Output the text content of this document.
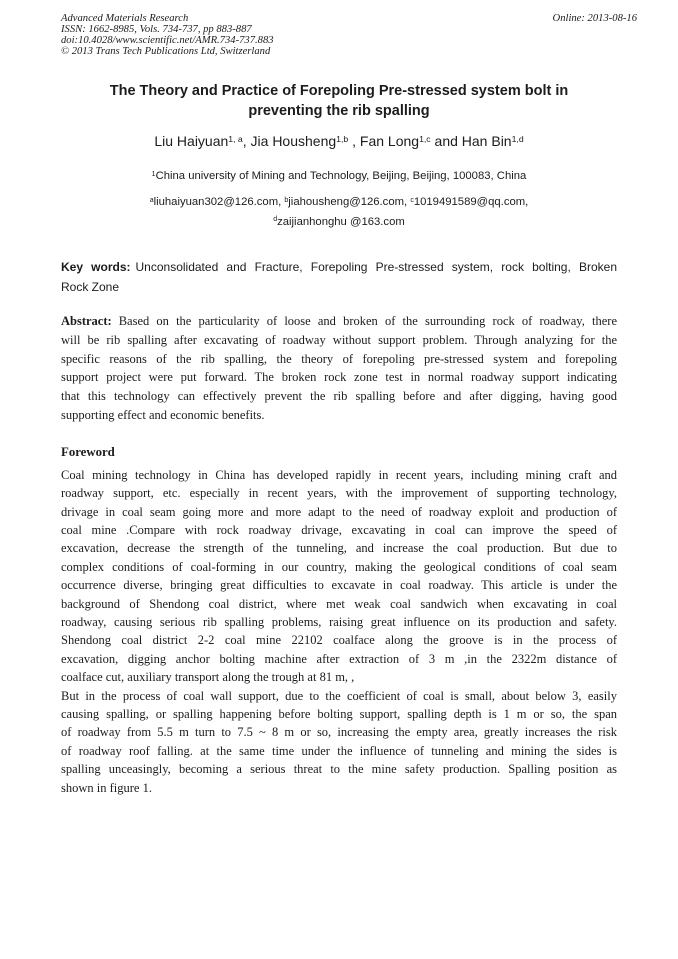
Advanced Materials Research
ISSN: 1662-8985, Vols. 734-737, pp 883-887
doi:10.4028/www.scientific.net/AMR.734-737.883
© 2013 Trans Tech Publications Ltd, Switzerland
Online: 2013-08-16
The Theory and Practice of Forepoling Pre-stressed system bolt in
preventing the rib spalling
Liu Haiyuan$^{1, a}$, Jia Housheng$^{1,b}$ , Fan Long$^{1,c}$ and Han Bin$^{1,d}$
$^1$China university of Mining and Technology, Beijing, Beijing, 100083, China
$^a$liuhaiyuan302@126.com, $^b$jiahousheng@126.com, $^c$1019491589@qq.com,
$^d$zaijianhonghu @163.com
Key words: Unconsolidated and Fracture, Forepoling Pre-stressed system, rock bolting, Broken
Rock Zone
Abstract: Based on the particularity of loose and broken of the surrounding rock of roadway, there
will be rib spalling after excavating of roadway without support problem. Through analyzing for the
specific reasons of the rib spalling, the theory of forepoling pre-stressed system and forepoling
support project were put forward. The broken rock zone test in normal roadway support indicating
that this technology can effectively prevent the rib spalling before and after digging, having good
supporting effect and economic benefits.
Foreword
Coal mining technology in China has developed rapidly in recent years, including mining craft and
roadway support, etc. especially in recent years, with the improvement of supporting technology,
drivage in coal seam going more and more adapt to the need of roadway exploit and production of
coal mine .Compare with rock roadway drivage, excavating in coal can improve the speed of
excavation, decrease the strength of the tunneling, and increase the coal production. But due to
complex conditions of coal-forming in our country, making the geological conditions of coal seam
occurrence diverse, bringing great difficulties to excavate in coal roadway. This article is under the
background of Shendong coal district, where met weak coal sandwich when excavating in coal
roadway, causing serious rib spalling problems, raising great influence on its production and safety.
Shendong coal district 2-2 coal mine 22102 coalface along the groove is in the process of
excavation, digging anchor bolting machine after extraction of 3 m ,in the 2322m distance of
coalface cut, auxiliary transport along the trough at 81 m, ,
But in the process of coal wall support, due to the coefficient of coal is small, about below 3, easily
causing spalling, or spalling happening before bolting support, spalling depth is 1 m or so, the span
of roadway from 5.5 m turn to 7.5 ~ 8 m or so, increasing the empty area, greatly increases the risk
of roadway roof falling. at the same time under the influence of tunneling and mining the sides is
spalling unceasingly, becoming a serious threat to the mine safety production. Spalling position as
shown in figure 1.
